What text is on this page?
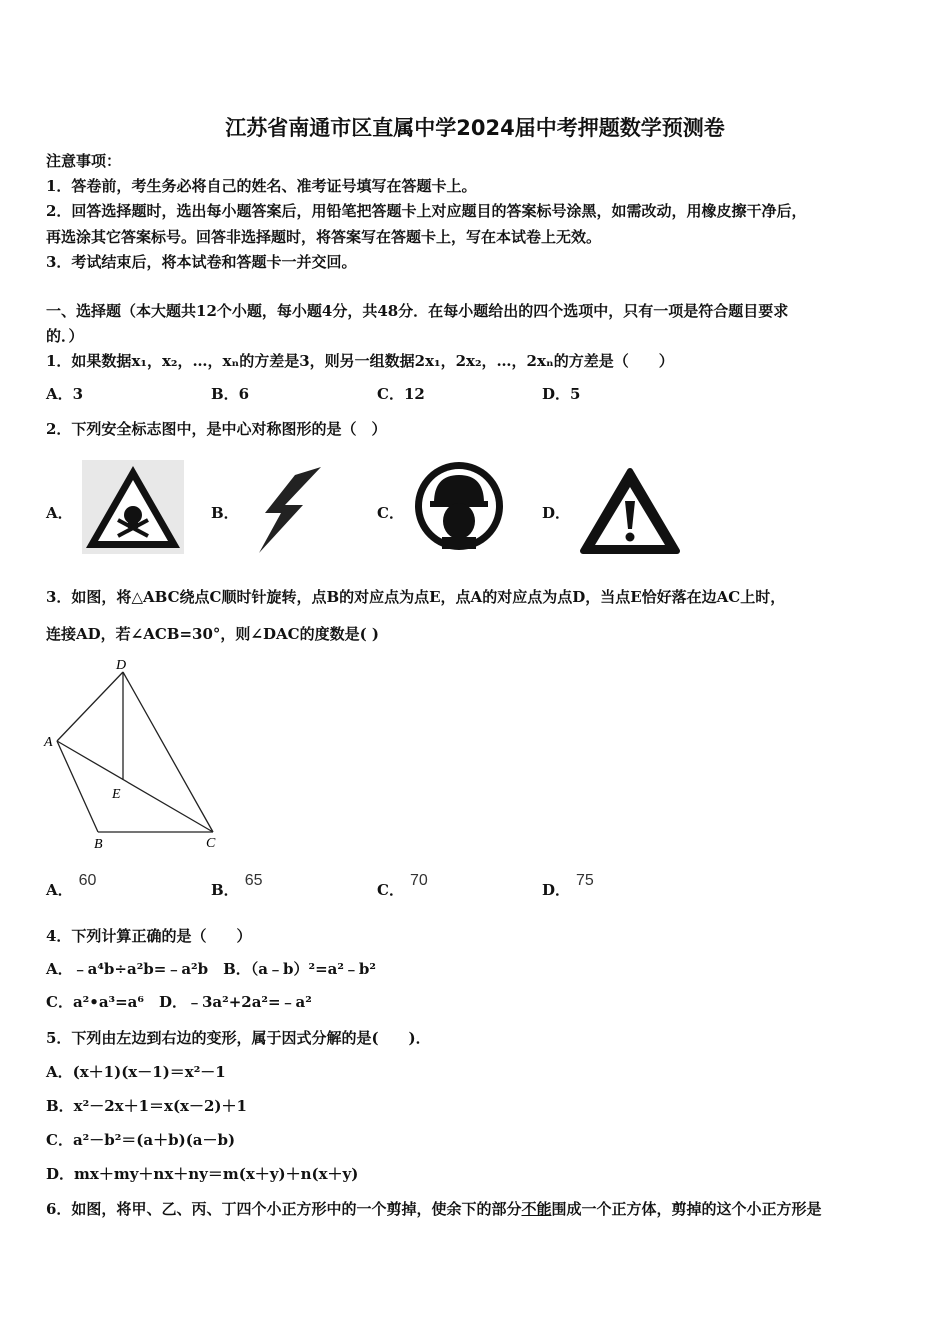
江苏省南通市区直属中学2024届中考押题数学预测卷
注意事项：
1．答卷前，考生务必将自己的姓名、准考证号填写在答题卡上。
2．回答选择题时，选出每小题答案后，用铅笔把答题卡上对应题目的答案标号涂黑，如需改动，用橡皮擦干净后，
再选涂其它答案标号。回答非选择题时，将答案写在答题卡上，写在本试卷上无效。
3．考试结束后，将本试卷和答题卡一并交回。
一、选择题（本大题共12个小题，每小题4分，共48分．在每小题给出的四个选项中，只有一项是符合题目要求
的．）
1．如果数据x₁，x₂，…，xₙ的方差是3，则另一组数据2x₁，2x₂，…，2xₙ的方差是（　　）
A．3	B．6	C．12	D．5
2．下列安全标志图中，是中心对称图形的是（　）
A．	B．	C．	D．
3．如图，将△ABC绕点C顺时针旋转，点B的对应点为点E，点A的对应点为点D，当点E恰好落在边AC上时，
连接AD，若∠ACB=30°，则∠DAC的度数是( )
D
A
E
B	C
A．60
B．65
C．70
D．75
4．下列计算正确的是（　　）
A．﹣a⁴b÷a²b=﹣a²b　B．（a﹣b）²=a²﹣b²
C．a²•a³=a⁶　D．﹣3a²+2a²=﹣a²
5．下列由左边到右边的变形，属于因式分解的是(　　)．
A．(x＋1)(x－1)＝x²－1
B．x²－2x＋1＝x(x－2)＋1
C．a²－b²＝(a＋b)(a－b)
D．mx＋my＋nx＋ny＝m(x＋y)＋n(x＋y)
6．如图，将甲、乙、丙、丁四个小正方形中的一个剪掉，使余下的部分不能围成一个正方体，剪掉的这个小正方形是
